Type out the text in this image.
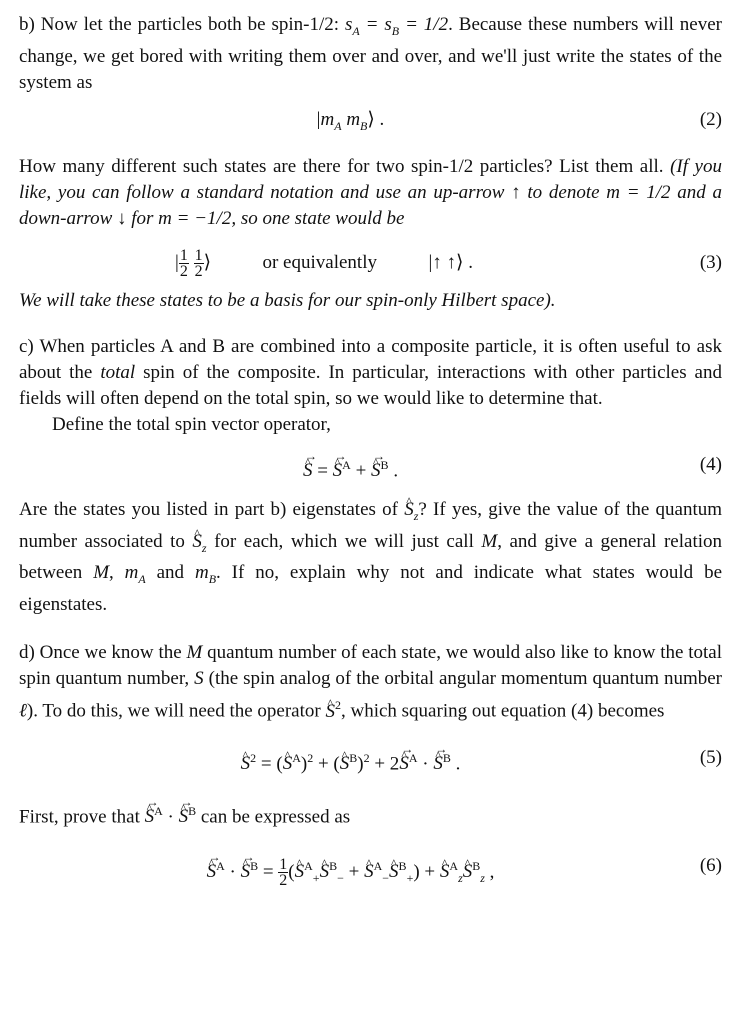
b) Now let the particles both be spin-1/2: $s_A = s_B = 1/2$. Because these numbers will never change, we get bored with writing them over and over, and we'll just write the states of the system as

$|m_A$ $m_B⟩$ .	(2)

How many different such states are there for two spin-1/2 particles? List them all. (If you like, you can follow a standard notation and use an up-arrow ↑ to denote m = 1/2 and a down-arrow ↓ for m = −1/2, so one state would be

| $\frac{1}{2}$
$\frac{1}{2}$ ⟩  or equivalently  |↑ ↑⟩ .	(3)

We will take these states to be a basis for our spin-only Hilbert space).

c) When particles A and B are combined into a composite particle, it is often useful to ask about the total spin of the composite. In particular, interactions with other particles and fields will often depend on the total spin, so we would like to determine that.

Define the total spin vector operator,

^ S → = ^ S →$^A$ + ^ S →$^B$ .	(4)

Are the states you listed in part b) eigenstates of ^ $S_z$? If yes, give the value of the quantum number associated to ^ $S_z$ for each, which we will just call M, and give a general relation between M, $m_A$ and $m_B$. If no, explain why not and indicate what states would be eigenstates.

d) Once we know the M quantum number of each state, we would also like to know the total spin quantum number, S (the spin analog of the orbital angular momentum quantum number ℓ). To do this, we will need the operator ^ $S^2$, which squaring out equation (4) becomes

^ $S^2$ = (^ $S^A)^2$ + (^ $S^B)^2$ + 2^ S →$^A$ · ^ S →$^B$ .	(5)

First, prove that ^ S →$^A$ · ^ S →$^B$ can be expressed as

^ S →$^A$ · ^ $S \to^B = \frac{1}{2}$ (^ $S^A_+\^{}$ $S^B_-$ + ^ $S^A_-\^{}$ $S^B_+$) + ^ $S^A_z\^{}$ $S^B_z$ ,	(6)
